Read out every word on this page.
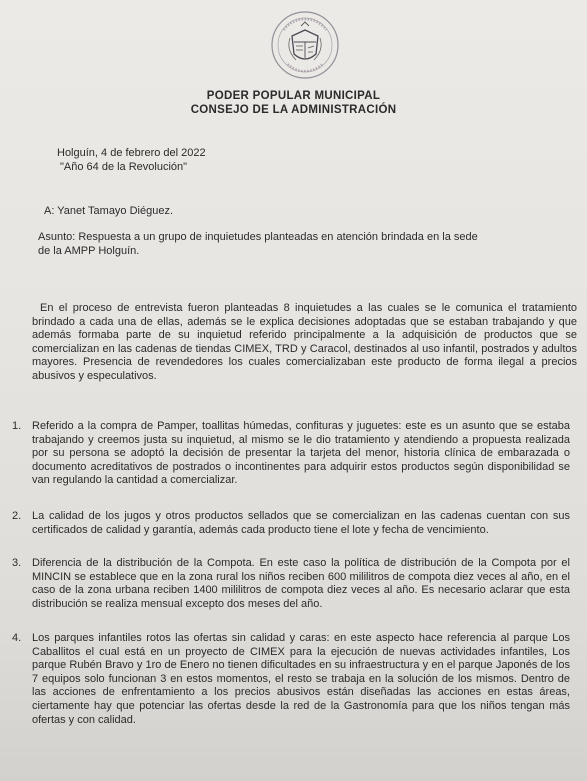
PODER POPULAR MUNICIPAL
CONSEJO DE LA ADMINISTRACIÓN
Holguín, 4 de febrero del 2022
"Año 64 de la Revolución"
A: Yanet Tamayo Diéguez.
Asunto: Respuesta a un grupo de inquietudes planteadas en atención brindada en la sede
de la AMPP Holguín.
En el proceso de entrevista fueron planteadas 8 inquietudes a las cuales se le comunica el tratamiento brindado a cada una de ellas, además se le explica decisiones adoptadas que se estaban trabajando y que además formaba parte de su inquietud referido principalmente a la adquisición de productos que se comercializan en las cadenas de tiendas CIMEX, TRD y Caracol, destinados al uso infantil, postrados y adultos mayores. Presencia de revendedores los cuales comercializaban este producto de forma ilegal a precios abusivos y especulativos.
1. Referido a la compra de Pamper, toallitas húmedas, confituras y juguetes: este es un asunto que se estaba trabajando y creemos justa su inquietud, al mismo se le dio tratamiento y atendiendo a propuesta realizada por su persona se adoptó la decisión de presentar la tarjeta del menor, historia clínica de embarazada o documento acreditativos de postrados o incontinentes para adquirir estos productos según disponibilidad se van regulando la cantidad a comercializar.
2. La calidad de los jugos y otros productos sellados que se comercializan en las cadenas cuentan con sus certificados de calidad y garantía, además cada producto tiene el lote y fecha de vencimiento.
3. Diferencia de la distribución de la Compota. En este caso la política de distribución de la Compota por el MINCIN se establece que en la zona rural los niños reciben 600 mililitros de compota diez veces al año, en el caso de la zona urbana reciben 1400 mililitros de compota diez veces al año. Es necesario aclarar que esta distribución se realiza mensual excepto dos meses del año.
4. Los parques infantiles rotos las ofertas sin calidad y caras: en este aspecto hace referencia al parque Los Caballitos el cual está en un proyecto de CIMEX para la ejecución de nuevas actividades infantiles, Los parque Rubén Bravo y 1ro de Enero no tienen dificultades en su infraestructura y en el parque Japonés de los 7 equipos solo funcionan 3 en estos momentos, el resto se trabaja en la solución de los mismos. Dentro de las acciones de enfrentamiento a los precios abusivos están diseñadas las acciones en estas áreas, ciertamente hay que potenciar las ofertas desde la red de la Gastronomía para que los niños tengan más ofertas y con calidad.
